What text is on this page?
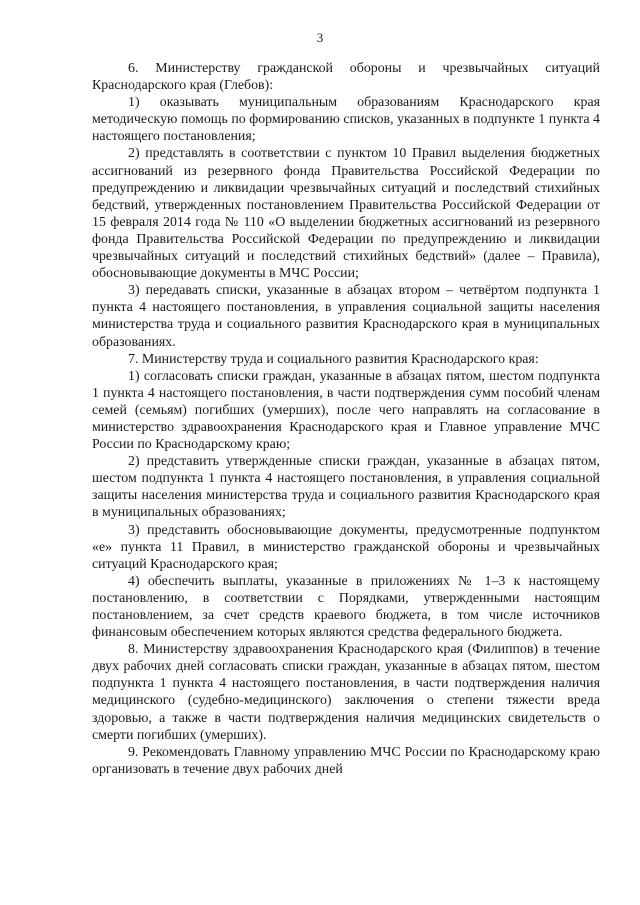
3

6. Министерству гражданской обороны и чрезвычайных ситуаций Краснодарского края (Глебов):

1) оказывать муниципальным образованиям Краснодарского края методическую помощь по формированию списков, указанных в подпункте 1 пункта 4 настоящего постановления;

2) представлять в соответствии с пунктом 10 Правил выделения бюджетных ассигнований из резервного фонда Правительства Российской Федерации по предупреждению и ликвидации чрезвычайных ситуаций и последствий стихийных бедствий, утвержденных постановлением Правительства Российской Федерации от 15 февраля 2014 года № 110 «О выделении бюджетных ассигнований из резервного фонда Правительства Российской Федерации по предупреждению и ликвидации чрезвычайных ситуаций и последствий стихийных бедствий» (далее – Правила), обосновывающие документы в МЧС России;

3) передавать списки, указанные в абзацах втором – четвёртом подпункта 1 пункта 4 настоящего постановления, в управления социальной защиты населения министерства труда и социального развития Краснодарского края в муниципальных образованиях.

7. Министерству труда и социального развития Краснодарского края:

1) согласовать списки граждан, указанные в абзацах пятом, шестом подпункта 1 пункта 4 настоящего постановления, в части подтверждения сумм пособий членам семей (семьям) погибших (умерших), после чего направлять на согласование в министерство здравоохранения Краснодарского края и Главное управление МЧС России по Краснодарскому краю;

2) представить утвержденные списки граждан, указанные в абзацах пятом, шестом подпункта 1 пункта 4 настоящего постановления, в управления социальной защиты населения министерства труда и социального развития Краснодарского края в муниципальных образованиях;

3) представить обосновывающие документы, предусмотренные подпунктом «е» пункта 11 Правил, в министерство гражданской обороны и чрезвычайных ситуаций Краснодарского края;

4) обеспечить выплаты, указанные в приложениях № 1–3 к настоящему постановлению, в соответствии с Порядками, утвержденными настоящим постановлением, за счет средств краевого бюджета, в том числе источников финансовым обеспечением которых являются средства федерального бюджета.

8. Министерству здравоохранения Краснодарского края (Филиппов) в течение двух рабочих дней согласовать списки граждан, указанные в абзацах пятом, шестом подпункта 1 пункта 4 настоящего постановления, в части подтверждения наличия медицинского (судебно-медицинского) заключения о степени тяжести вреда здоровью, а также в части подтверждения наличия медицинских свидетельств о смерти погибших (умерших).

9. Рекомендовать Главному управлению МЧС России по Краснодарскому краю организовать в течение двух рабочих дней
